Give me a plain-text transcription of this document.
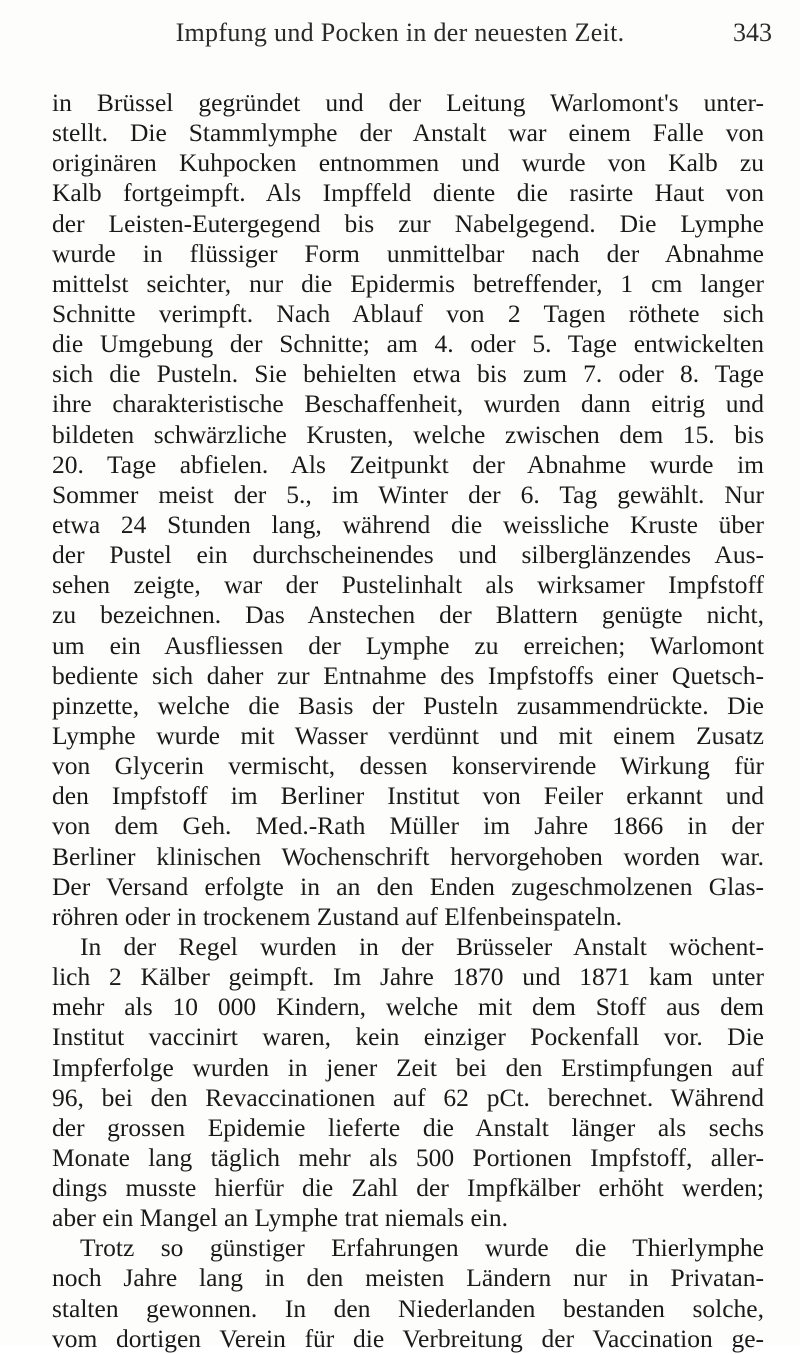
Impfung und Pocken in der neuesten Zeit.	343
in Brüssel gegründet und der Leitung Warlomont's unter-
stellt. Die Stammlymphe der Anstalt war einem Falle von
originären Kuhpocken entnommen und wurde von Kalb zu
Kalb fortgeimpft. Als Impffeld diente die rasirte Haut von
der Leisten-Eutergegend bis zur Nabelgegend. Die Lymphe
wurde in flüssiger Form unmittelbar nach der Abnahme
mittelst seichter, nur die Epidermis betreffender, 1 cm langer
Schnitte verimpft. Nach Ablauf von 2 Tagen röthete sich
die Umgebung der Schnitte; am 4. oder 5. Tage entwickelten
sich die Pusteln. Sie behielten etwa bis zum 7. oder 8. Tage
ihre charakteristische Beschaffenheit, wurden dann eitrig und
bildeten schwärzliche Krusten, welche zwischen dem 15. bis
20. Tage abfielen. Als Zeitpunkt der Abnahme wurde im
Sommer meist der 5., im Winter der 6. Tag gewählt. Nur
etwa 24 Stunden lang, während die weissliche Kruste über
der Pustel ein durchscheinendes und silberglänzendes Aus-
sehen zeigte, war der Pustelinhalt als wirksamer Impfstoff
zu bezeichnen. Das Anstechen der Blattern genügte nicht,
um ein Ausfliessen der Lymphe zu erreichen; Warlomont
bediente sich daher zur Entnahme des Impfstoffs einer Quetsch-
pinzette, welche die Basis der Pusteln zusammendrückte. Die
Lymphe wurde mit Wasser verdünnt und mit einem Zusatz
von Glycerin vermischt, dessen konservirende Wirkung für
den Impfstoff im Berliner Institut von Feiler erkannt und
von dem Geh. Med.-Rath Müller im Jahre 1866 in der
Berliner klinischen Wochenschrift hervorgehoben worden war.
Der Versand erfolgte in an den Enden zugeschmolzenen Glas-
röhren oder in trockenem Zustand auf Elfenbeinspateln.
In der Regel wurden in der Brüsseler Anstalt wöchent-
lich 2 Kälber geimpft. Im Jahre 1870 und 1871 kam unter
mehr als 10 000 Kindern, welche mit dem Stoff aus dem
Institut vaccinirt waren, kein einziger Pockenfall vor. Die
Impferfolge wurden in jener Zeit bei den Erstimpfungen auf
96, bei den Revaccinationen auf 62 pCt. berechnet. Während
der grossen Epidemie lieferte die Anstalt länger als sechs
Monate lang täglich mehr als 500 Portionen Impfstoff, aller-
dings musste hierfür die Zahl der Impfkälber erhöht werden;
aber ein Mangel an Lymphe trat niemals ein.
Trotz so günstiger Erfahrungen wurde die Thierlymphe
noch Jahre lang in den meisten Ländern nur in Privatan-
stalten gewonnen. In den Niederlanden bestanden solche,
vom dortigen Verein für die Verbreitung der Vaccination ge-
